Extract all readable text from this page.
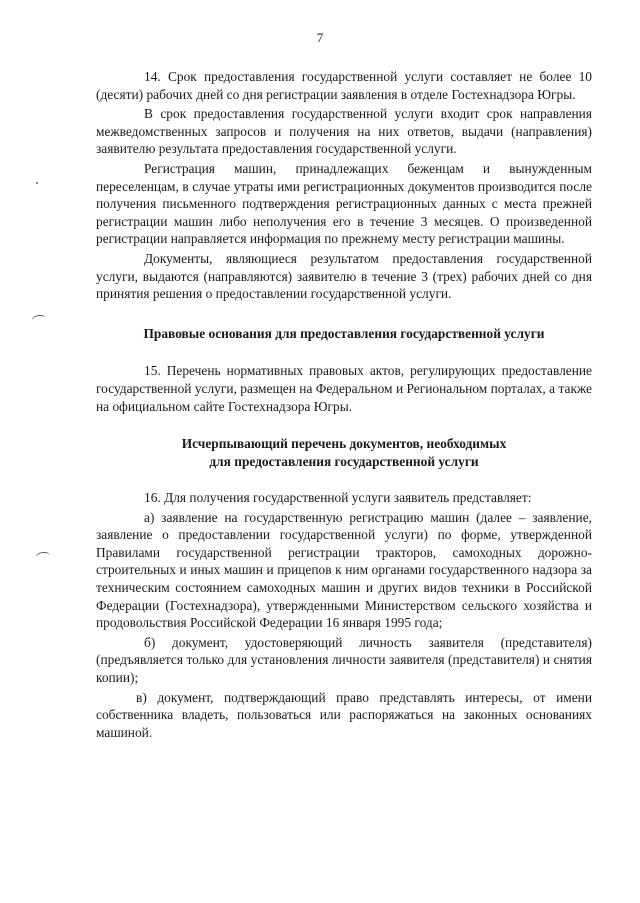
7

14. Срок предоставления государственной услуги составляет не более 10 (десяти) рабочих дней со дня регистрации заявления в отделе Гостехнадзора Югры.

В срок предоставления государственной услуги входит срок направления межведомственных запросов и получения на них ответов, выдачи (направления) заявителю результата предоставления государственной услуги.

Регистрация машин, принадлежащих беженцам и вынужденным переселенцам, в случае утраты ими регистрационных документов производится после получения письменного подтверждения регистрационных данных с места прежней регистрации машин либо неполучения его в течение 3 месяцев. О произведенной регистрации направляется информация по прежнему месту регистрации машины.

Документы, являющиеся результатом предоставления государственной услуги, выдаются (направляются) заявителю в течение 3 (трех) рабочих дней со дня принятия решения о предоставлении государственной услуги.

Правовые основания для предоставления государственной услуги

15. Перечень нормативных правовых актов, регулирующих предоставление государственной услуги, размещен на Федеральном и Региональном порталах, а также на официальном сайте Гостехнадзора Югры.

Исчерпывающий перечень документов, необходимых
для предоставления государственной услуги

16. Для получения государственной услуги заявитель представляет:

а) заявление на государственную регистрацию машин (далее – заявление, заявление о предоставлении государственной услуги) по форме, утвержденной Правилами государственной регистрации тракторов, самоходных дорожно-строительных и иных машин и прицепов к ним органами государственного надзора за техническим состоянием самоходных машин и других видов техники в Российской Федерации (Гостехнадзора), утвержденными Министерством сельского хозяйства и продовольствия Российской Федерации 16 января 1995 года;

б) документ, удостоверяющий личность заявителя (представителя) (предъявляется только для установления личности заявителя (представителя) и снятия копии);

в) документ, подтверждающий право представлять интересы, от имени собственника владеть, пользоваться или распоряжаться на законных основаниях машиной.
